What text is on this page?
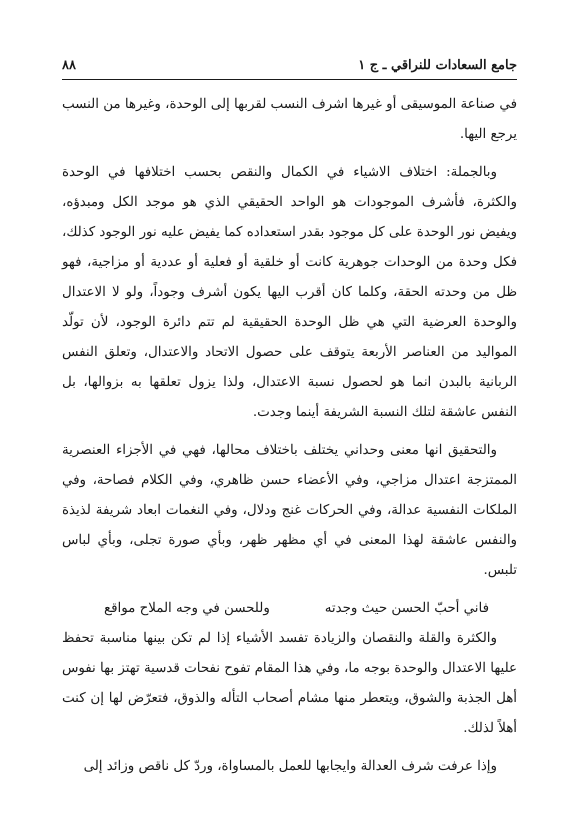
جامع السعادات للنراقي ـ ج ١
٨٨

في صناعة الموسيقى أو غيرها اشرف النسب لقربها إلى الوحدة، وغيرها من النسب يرجع اليها.

وبالجملة: اختلاف الاشياء في الكمال والنقص بحسب اختلافها في الوحدة والكثرة، فأشرف الموجودات هو الواحد الحقيقي الذي هو موجد الكل ومبدؤه، ويفيض نور الوحدة على كل موجود بقدر استعداده كما يفيض عليه نور الوجود كذلك، فكل وحدة من الوحدات جوهرية كانت أو خلقية أو فعلية أو عددية أو مزاجية، فهو ظل من وحدته الحقة، وكلما كان أقرب اليها يكون أشرف وجوداً، ولو لا الاعتدال والوحدة العرضية التي هي ظل الوحدة الحقيقية لم تتم دائرة الوجود، لأن تولّد المواليد من العناصر الأربعة يتوقف على حصول الاتحاد والاعتدال، وتعلق النفس الربانية بالبدن انما هو لحصول نسبة الاعتدال، ولذا يزول تعلقها به بزوالها، بل النفس عاشقة لتلك النسبة الشريفة أينما وجدت.

والتحقيق انها معنى وحداني يختلف باختلاف محالها، فهي في الأجزاء العنصرية الممتزجة اعتدال مزاجي، وفي الأعضاء حسن ظاهري، وفي الكلام فصاحة، وفي الملكات النفسية عدالة، وفي الحركات غنج ودلال، وفي النغمات ابعاد شريفة لذيذة والنفس عاشقة لهذا المعنى في أي مظهر ظهر، وبأي صورة تجلى، وبأي لباس تلبس.

فاني أحبّ الحسن حيث وجدته
وللحسن في وجه الملاح مواقع

والكثرة والقلة والنقصان والزيادة تفسد الأشياء إذا لم تكن بينها مناسبة تحفظ عليها الاعتدال والوحدة بوجه ما، وفي هذا المقام تفوح نفحات قدسية تهتز بها نفوس أهل الجذبة والشوق، ويتعطر منها مشام أصحاب التأله والذوق، فتعرّض لها إن كنت أهلاً لذلك.

وإذا عرفت شرف العدالة وايجابها للعمل بالمساواة، وردّ كل ناقص وزائد إلى
